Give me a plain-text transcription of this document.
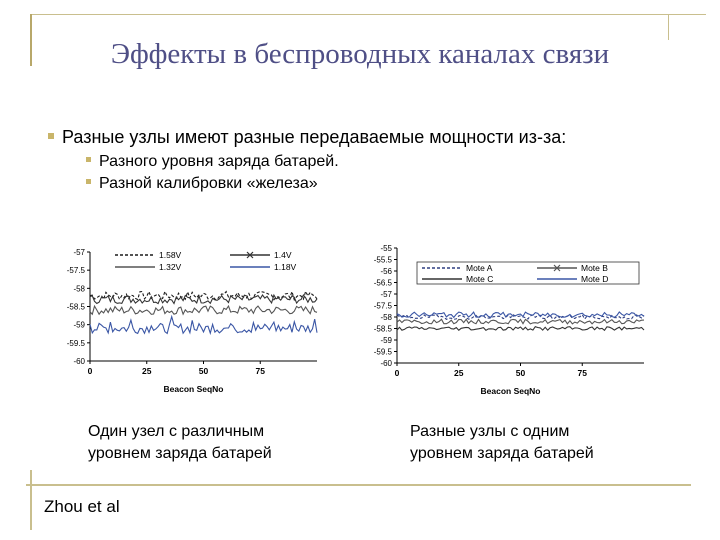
Эффекты в беспроводных каналах связи
Разные узлы имеют разные передаваемые мощности из-за:
Разного уровня заряда батарей.
Разной калибровки «железа»
-57
-57.5
-58
-58.5
-59
-59.5
-60
0	25	50	75
Beacon SeqNo
1.58V	1.4V
1.32V	1.18V
-55
-55.5
-56
-56.5
-57
-57.5
-58
-58.5
-59
-59.5
-60
0	25	50	75
Beacon SeqNo
Mote A	Mote B
Mote C	Mote D
Один узел с различным
уровнем заряда батарей
Разные узлы с одним
уровнем заряда батарей
Zhou et al
